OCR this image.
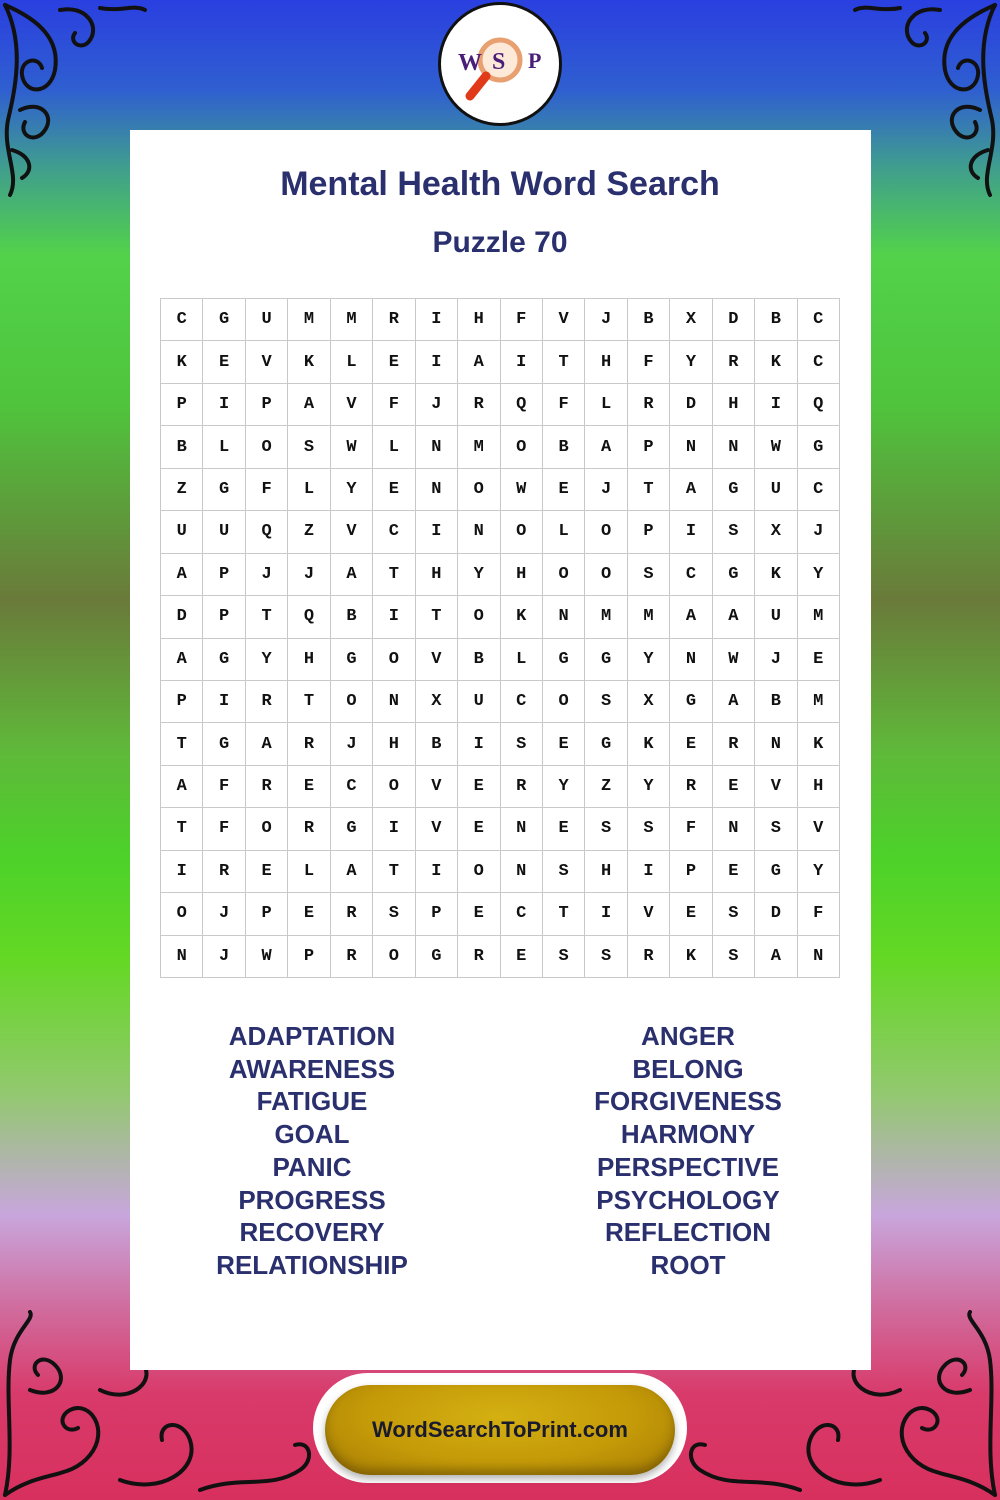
W S P
Mental Health Word Search
Puzzle 70
C	G	U	M	M	R	I	H	F	V	J	B	X	D	B	C
K	E	V	K	L	E	I	A	I	T	H	F	Y	R	K	C
P	I	P	A	V	F	J	R	Q	F	L	R	D	H	I	Q
B	L	O	S	W	L	N	M	O	B	A	P	N	N	W	G
Z	G	F	L	Y	E	N	O	W	E	J	T	A	G	U	C
U	U	Q	Z	V	C	I	N	O	L	O	P	I	S	X	J
A	P	J	J	A	T	H	Y	H	O	O	S	C	G	K	Y
D	P	T	Q	B	I	T	O	K	N	M	M	A	A	U	M
A	G	Y	H	G	O	V	B	L	G	G	Y	N	W	J	E
P	I	R	T	O	N	X	U	C	O	S	X	G	A	B	M
T	G	A	R	J	H	B	I	S	E	G	K	E	R	N	K
A	F	R	E	C	O	V	E	R	Y	Z	Y	R	E	V	H
T	F	O	R	G	I	V	E	N	E	S	S	F	N	S	V
I	R	E	L	A	T	I	O	N	S	H	I	P	E	G	Y
O	J	P	E	R	S	P	E	C	T	I	V	E	S	D	F
N	J	W	P	R	O	G	R	E	S	S	R	K	S	A	N
ADAPTATION
AWARENESS
FATIGUE
GOAL
PANIC
PROGRESS
RECOVERY
RELATIONSHIP
ANGER
BELONG
FORGIVENESS
HARMONY
PERSPECTIVE
PSYCHOLOGY
REFLECTION
ROOT
WordSearchToPrint.com
